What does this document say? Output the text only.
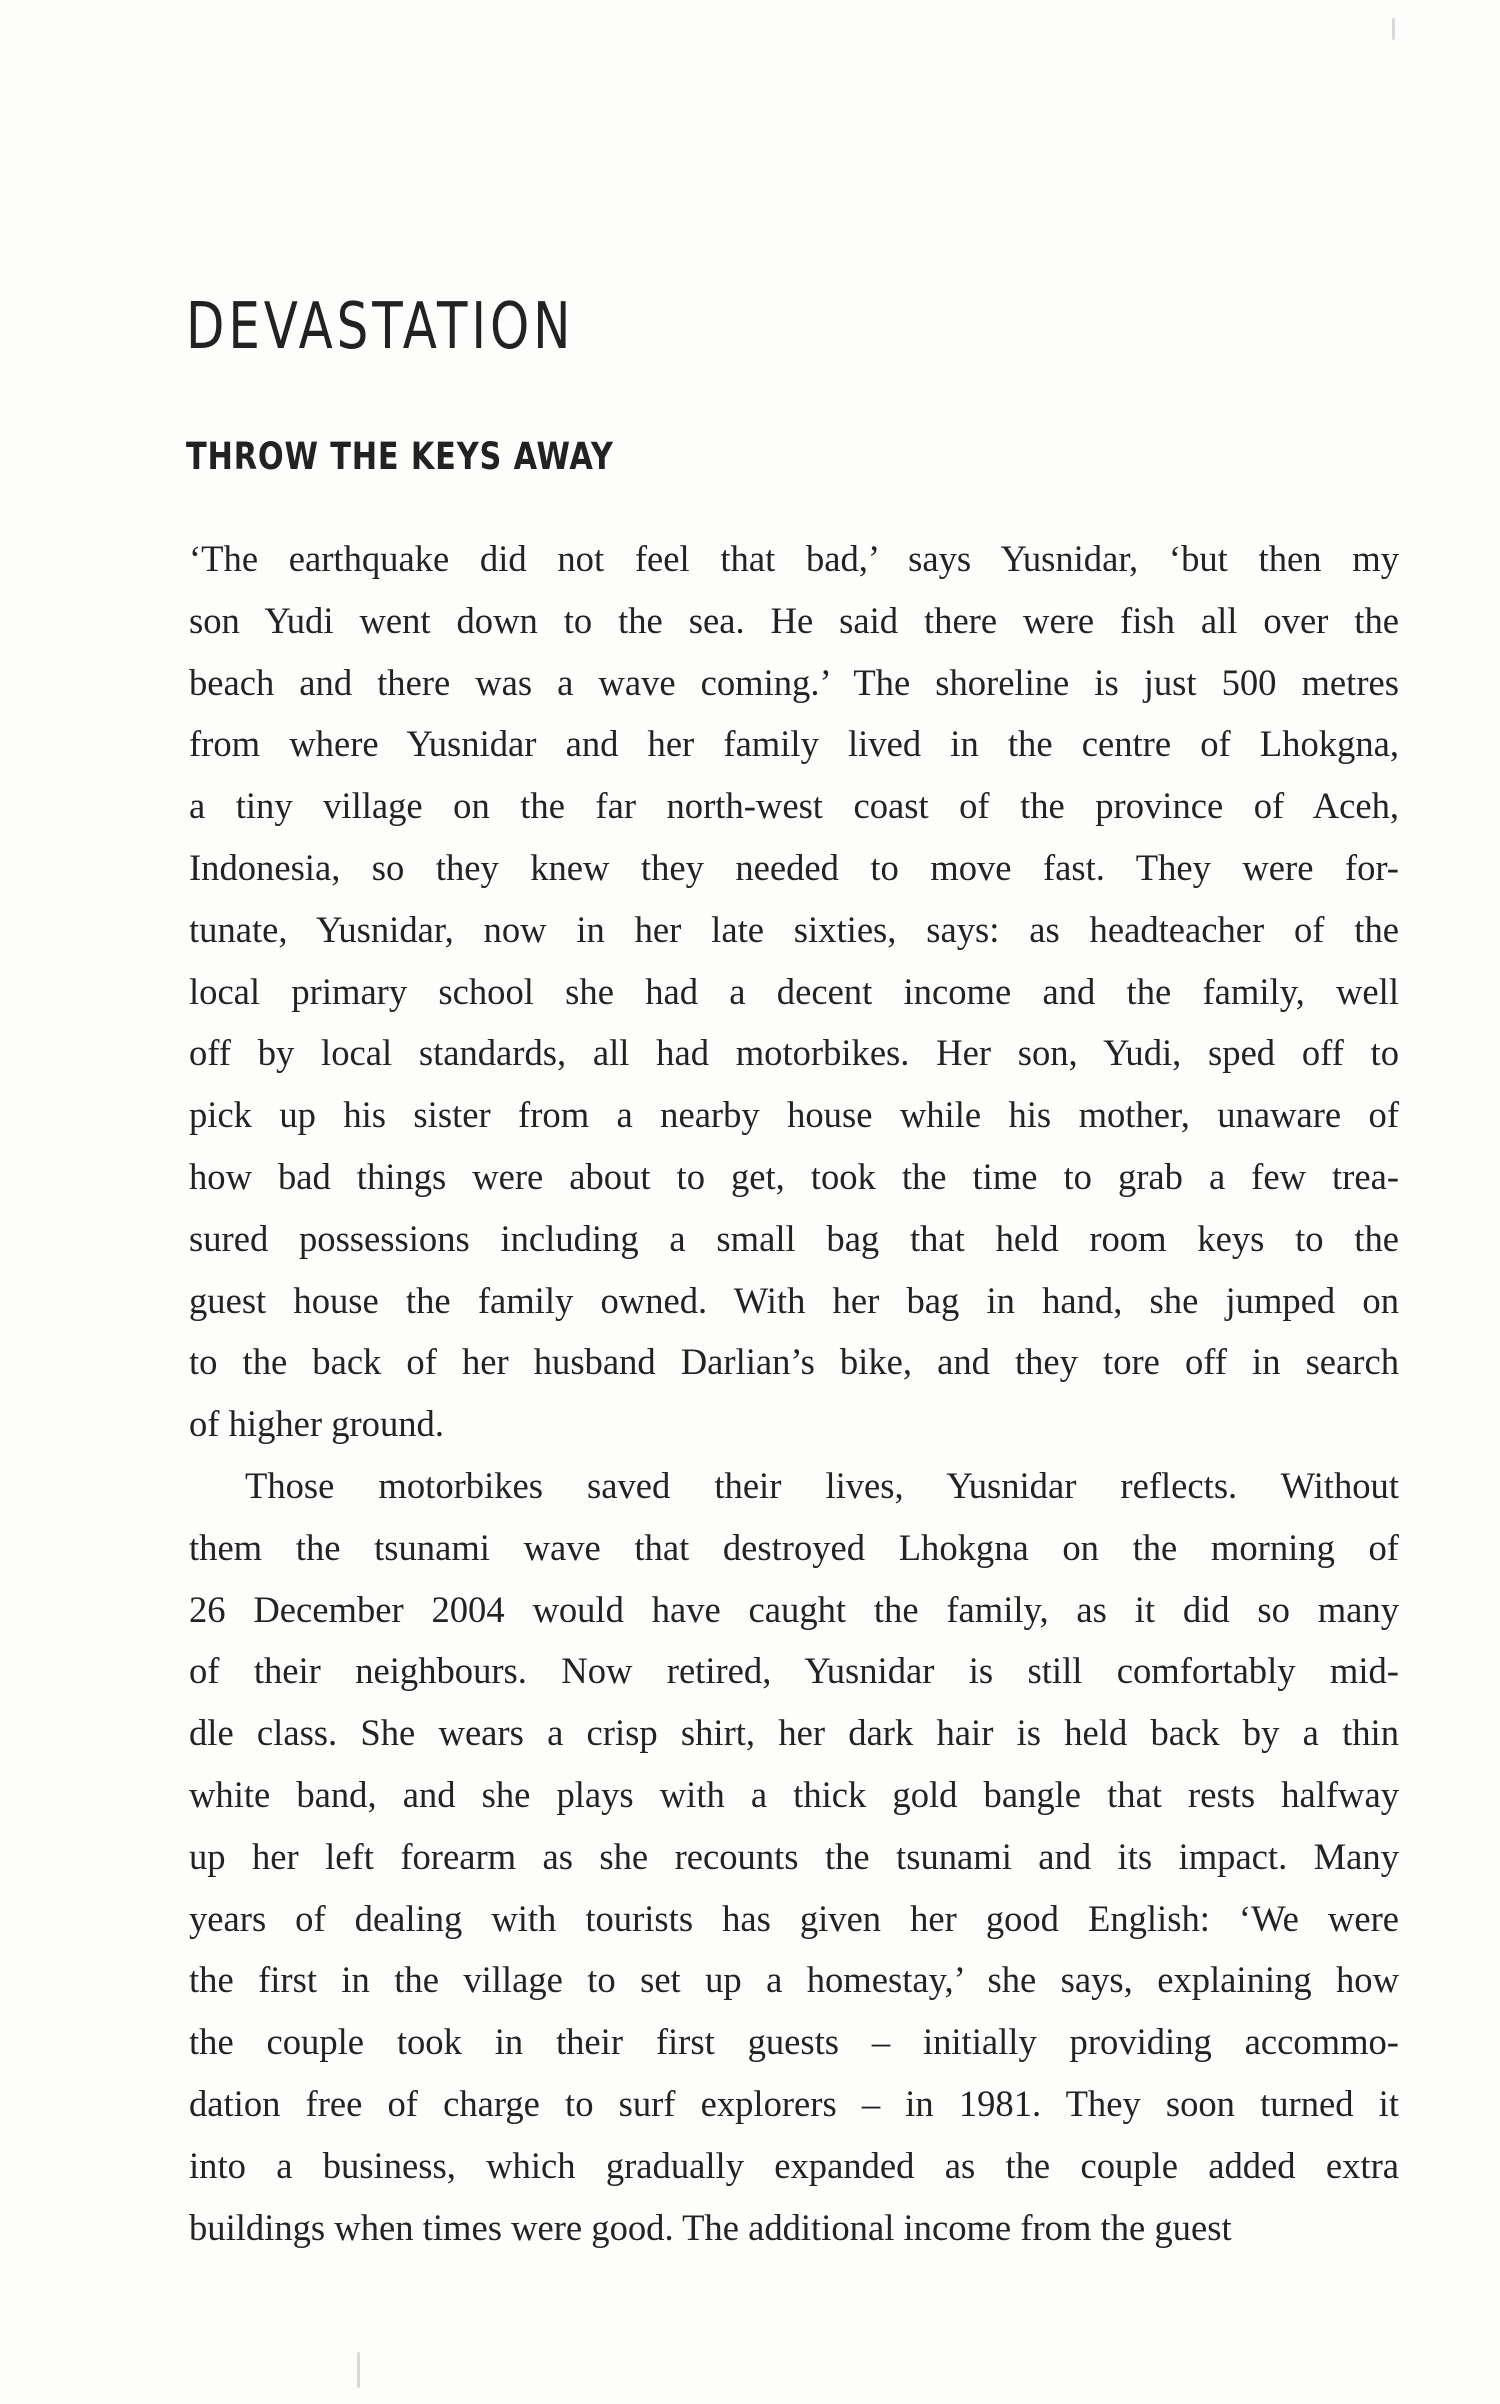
DEVASTATION
THROW THE KEYS AWAY

‘The earthquake did not feel that bad,’ says Yusnidar, ‘but then my
son Yudi went down to the sea. He said there were fish all over the
beach and there was a wave coming.’ The shoreline is just 500 metres
from where Yusnidar and her family lived in the centre of Lhokgna,
a tiny village on the far north-west coast of the province of Aceh,
Indonesia, so they knew they needed to move fast. They were for-
tunate, Yusnidar, now in her late sixties, says: as headteacher of the
local primary school she had a decent income and the family, well
off by local standards, all had motorbikes. Her son, Yudi, sped off to
pick up his sister from a nearby house while his mother, unaware of
how bad things were about to get, took the time to grab a few trea-
sured possessions including a small bag that held room keys to the
guest house the family owned. With her bag in hand, she jumped on
to the back of her husband Darlian’s bike, and they tore off in search
of higher ground.

Those motorbikes saved their lives, Yusnidar reflects. Without
them the tsunami wave that destroyed Lhokgna on the morning of
26 December 2004 would have caught the family, as it did so many
of their neighbours. Now retired, Yusnidar is still comfortably mid-
dle class. She wears a crisp shirt, her dark hair is held back by a thin
white band, and she plays with a thick gold bangle that rests halfway
up her left forearm as she recounts the tsunami and its impact. Many
years of dealing with tourists has given her good English: ‘We were
the first in the village to set up a homestay,’ she says, explaining how
the couple took in their first guests – initially providing accommo-
dation free of charge to surf explorers – in 1981. They soon turned it
into a business, which gradually expanded as the couple added extra
buildings when times were good. The additional income from the guest
